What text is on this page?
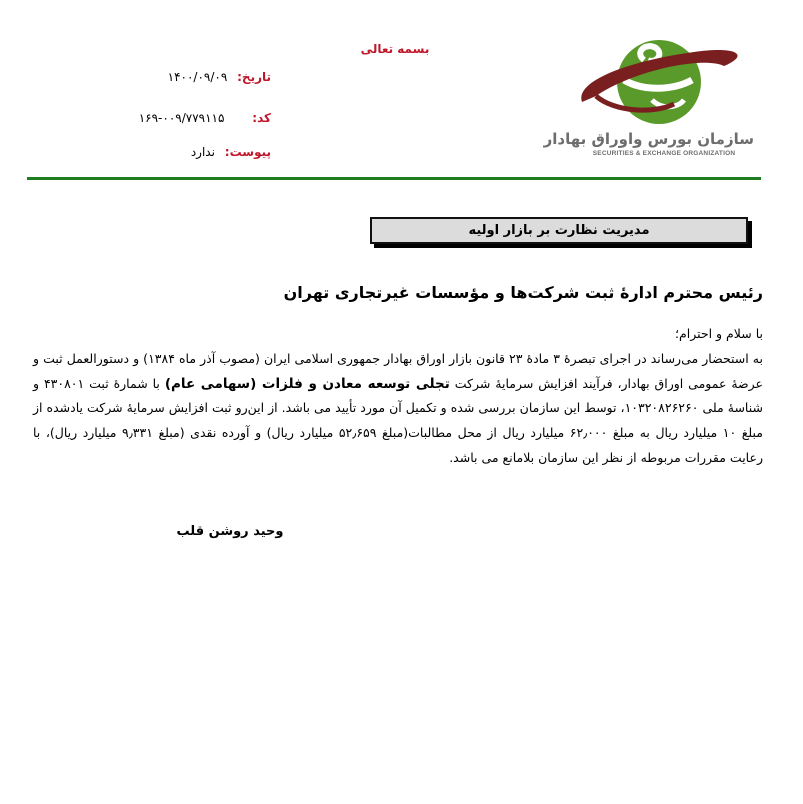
سازمان بورس واوراق بهادار
SECURITIES & EXCHANGE ORGANIZATION
بسمه تعالی
تاریخ: ۱۴۰۰/۰۹/۰۹
کد: ۰۰۹/۷۷۹۱۱۵-۱۶۹
پیوست: ندارد
مدیریت نظارت بر بازار اولیه
رئیس محترم ادارۀ ثبت شرکت‌ها و مؤسسات غیرتجاری تهران

با سلام و احترام؛

به استحضار می‌رساند در اجرای تبصرۀ ۳ مادۀ ۲۳ قانون بازار اوراق بهادار جمهوری اسلامی ایران (مصوب آذر ماه ۱۳۸۴) و دستورالعمل ثبت و عرضۀ عمومی اوراق بهادار، فرآیند افزایش سرمایۀ شرکت تجلی توسعه معادن و فلزات (سهامی عام) با شمارۀ ثبت ۴۳۰۸۰۱ و شناسۀ ملی ۱۰۳۲۰۸۲۶۲۶۰، توسط این سازمان بررسی شده و تکمیل آن مورد تأیید می باشد. از این‌رو ثبت افزایش سرمایۀ شرکت یادشده از مبلغ ۱۰ میلیارد ریال به مبلغ ۶۲٫۰۰۰ میلیارد ریال از محل مطالبات(مبلغ ۵۲٫۶۵۹ میلیارد ریال) و آورده نقدی (مبلغ ۹٫۳۳۱ میلیارد ریال)، با رعایت مقررات مربوطه از نظر این سازمان بلامانع می باشد.

وحید روشن قلب
